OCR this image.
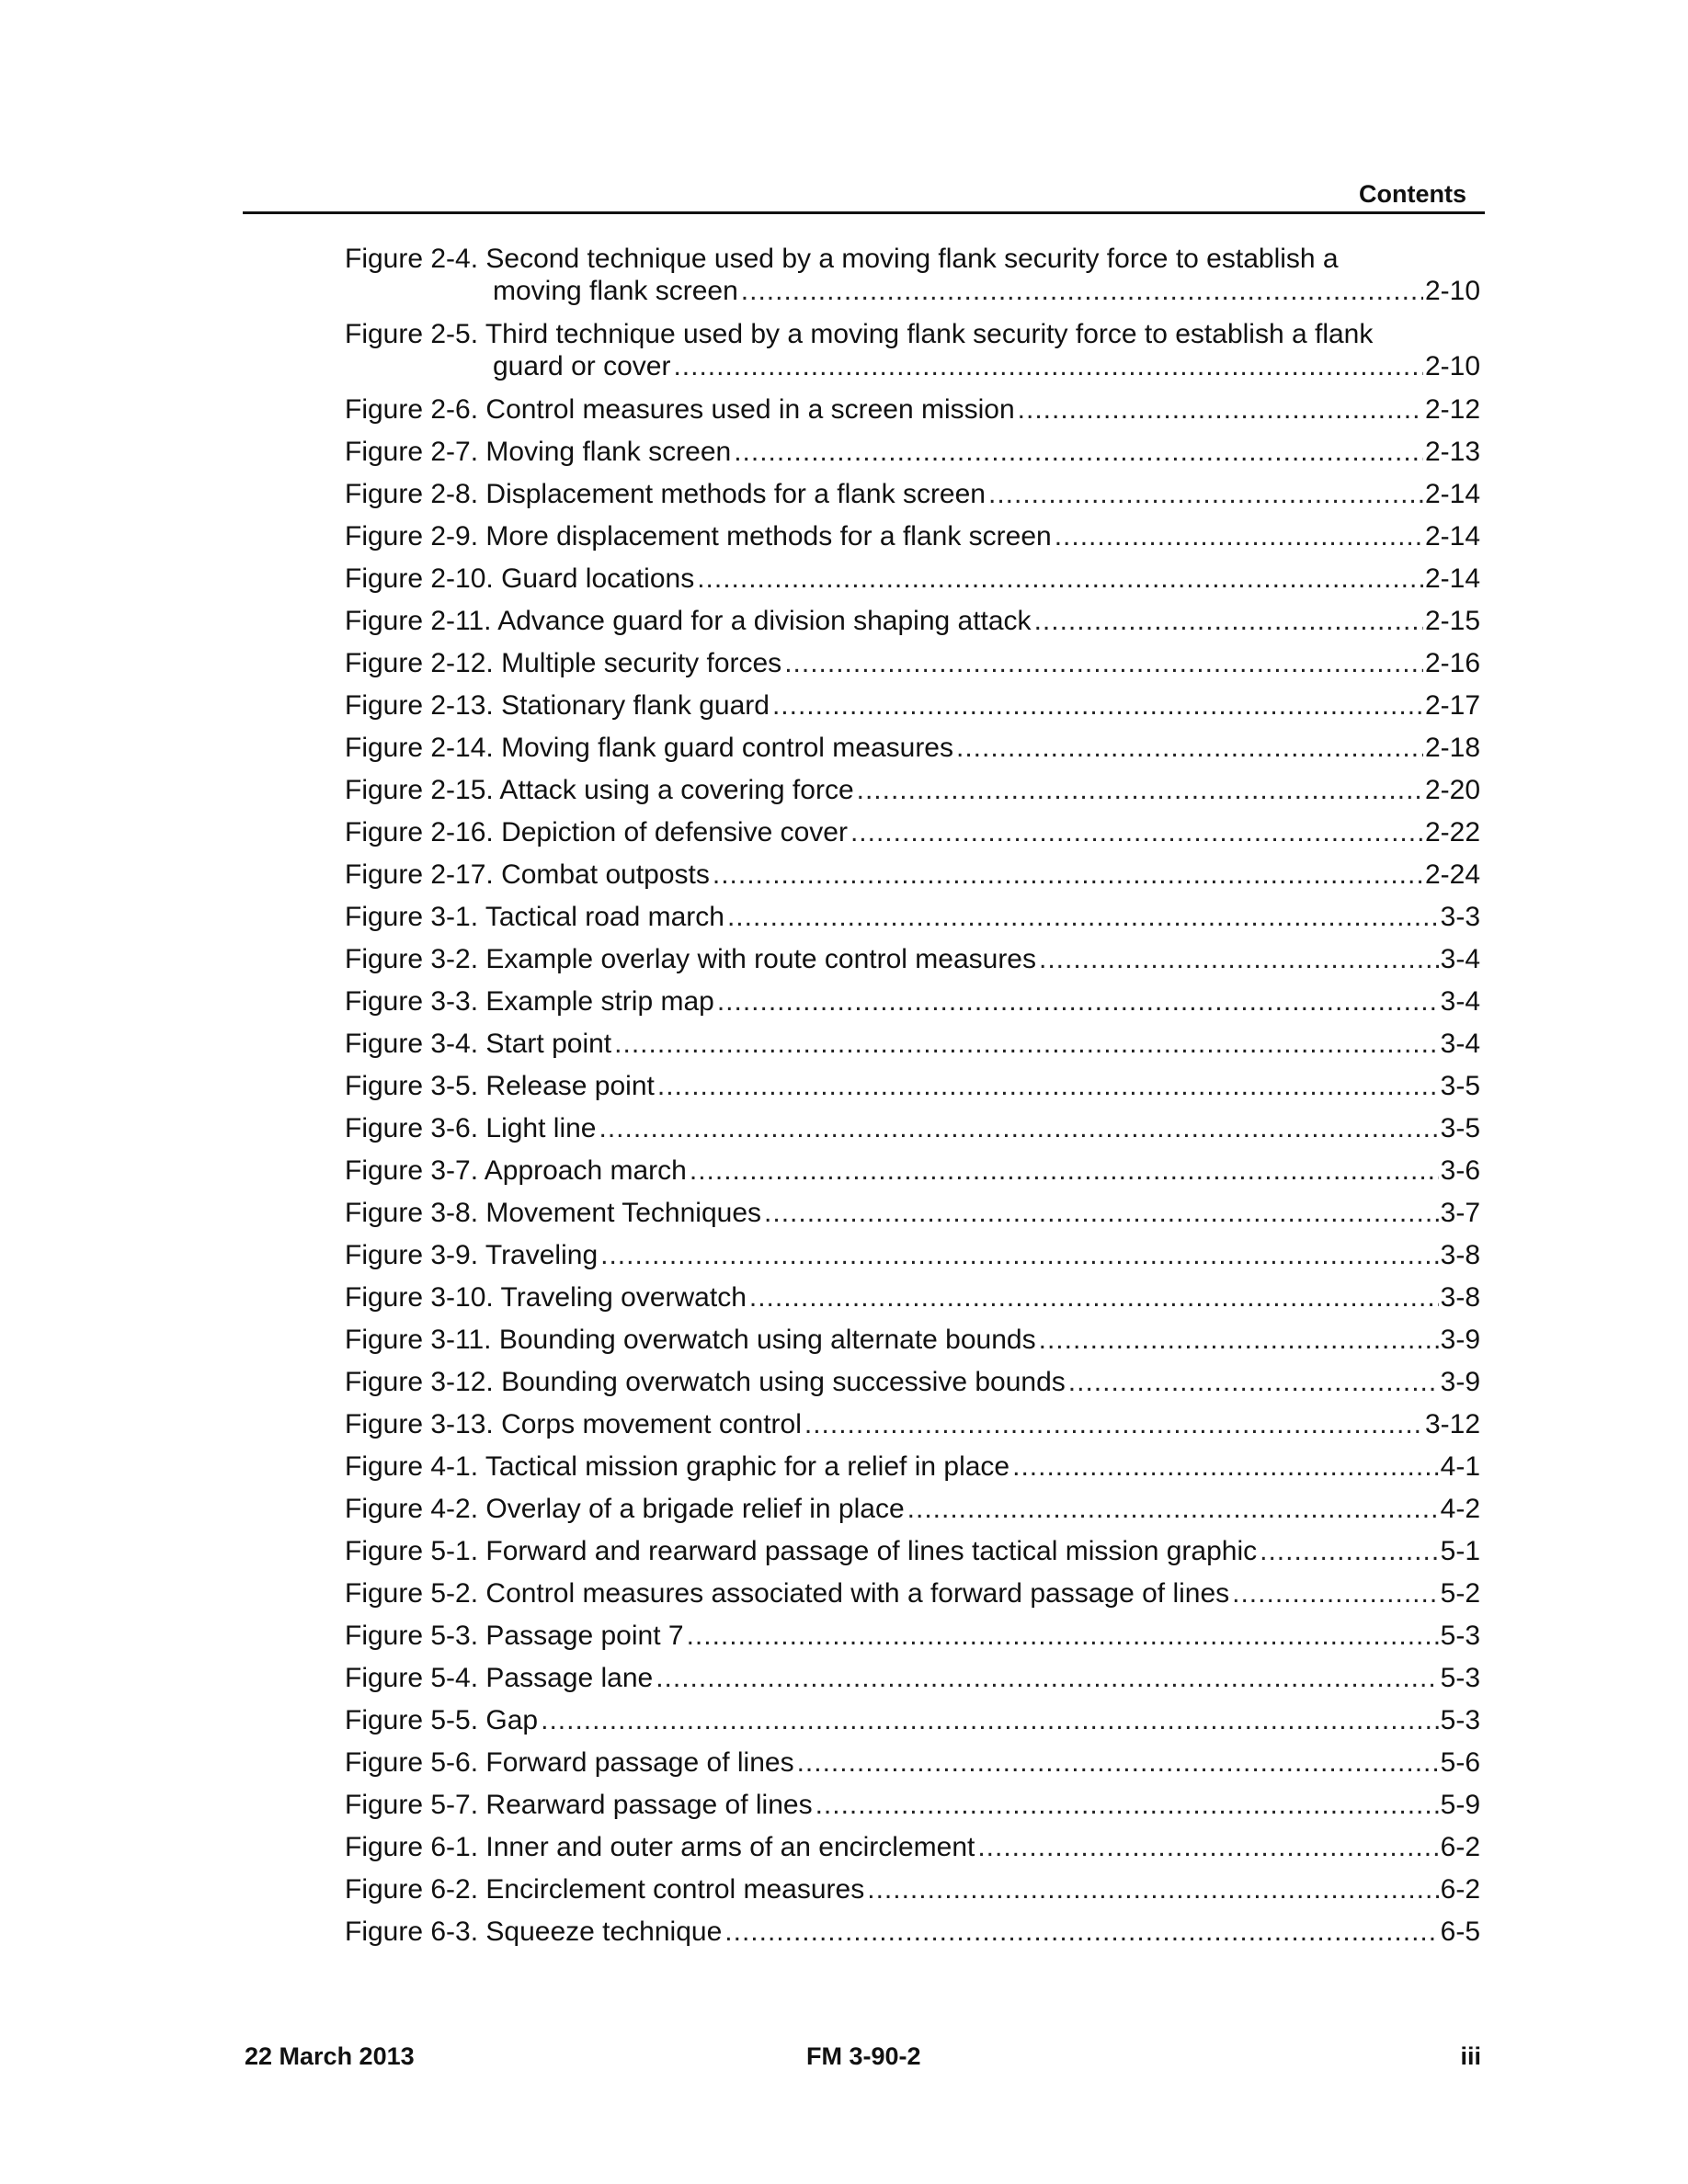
Contents
Figure 2-4. Second technique used by a moving flank security force to establish a
moving flank screen .....	2-10
Figure 2-5. Third technique used by a moving flank security force to establish a flank
guard or cover .....	2-10
Figure 2-6. Control measures used in a screen mission .....	2-12
Figure 2-7. Moving flank screen .....	2-13
Figure 2-8. Displacement methods for a flank screen .....	2-14
Figure 2-9. More displacement methods for a flank screen .....	2-14
Figure 2-10. Guard locations .....	2-14
Figure 2-11. Advance guard for a division shaping attack .....	2-15
Figure 2-12. Multiple security forces .....	2-16
Figure 2-13. Stationary flank guard .....	2-17
Figure 2-14. Moving flank guard control measures .....	2-18
Figure 2-15. Attack using a covering force .....	2-20
Figure 2-16. Depiction of defensive cover .....	2-22
Figure 2-17. Combat outposts .....	2-24
Figure 3-1. Tactical road march .....	3-3
Figure 3-2. Example overlay with route control measures .....	3-4
Figure 3-3. Example strip map .....	3-4
Figure 3-4. Start point .....	3-4
Figure 3-5. Release point .....	3-5
Figure 3-6. Light line .....	3-5
Figure 3-7. Approach march .....	3-6
Figure 3-8. Movement Techniques .....	3-7
Figure 3-9. Traveling .....	3-8
Figure 3-10. Traveling overwatch .....	3-8
Figure 3-11. Bounding overwatch using alternate bounds .....	3-9
Figure 3-12. Bounding overwatch using successive bounds .....	3-9
Figure 3-13. Corps movement control .....	3-12
Figure 4-1. Tactical mission graphic for a relief in place .....	4-1
Figure 4-2. Overlay of a brigade relief in place .....	4-2
Figure 5-1. Forward and rearward passage of lines tactical mission graphic .....	5-1
Figure 5-2. Control measures associated with a forward passage of lines .....	5-2
Figure 5-3. Passage point 7 .....	5-3
Figure 5-4. Passage lane .....	5-3
Figure 5-5. Gap .....	5-3
Figure 5-6. Forward passage of lines .....	5-6
Figure 5-7. Rearward passage of lines .....	5-9
Figure 6-1. Inner and outer arms of an encirclement .....	6-2
Figure 6-2. Encirclement control measures .....	6-2
Figure 6-3. Squeeze technique .....	6-5
22 March 2013	FM 3-90-2	iii
